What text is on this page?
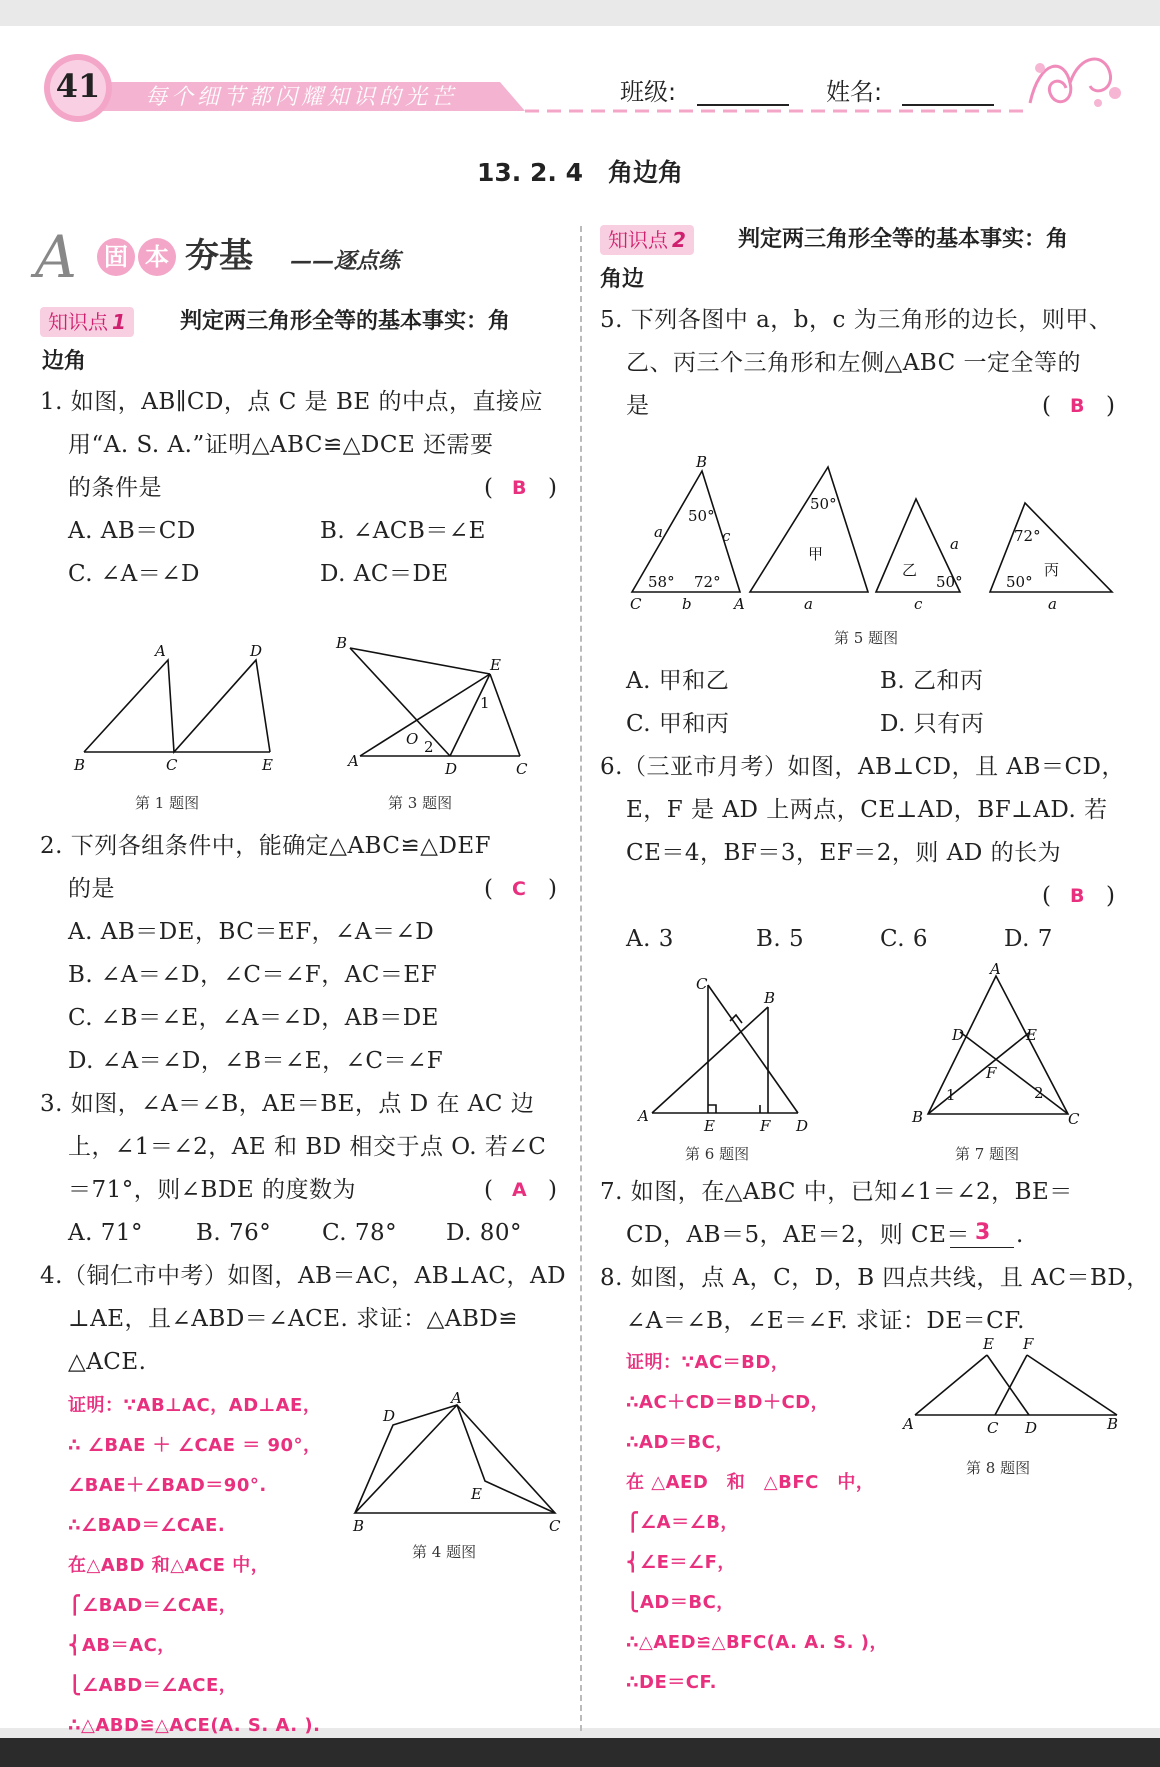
41	每个细节都闪耀知识的光芒	班级:	姓名:
13. 2. 4　角边角
A 固 本 夯基 ——逐点练
知识点 1	判定两三角形全等的基本事实：角
边角
1. 如图，AB∥CD，点 C 是 BE 的中点，直接应
用“A. S. A.”证明△ABC≌△DCE 还需要
的条件是	( B )
A. AB＝CD	B. ∠ACB＝∠E
C. ∠A＝∠D	D. AC＝DE
A	D
B	C	E
第 1 题图
B
E
1
O 2
A	D	C
第 3 题图
2. 下列各组条件中，能确定△ABC≌△DEF
的是	( C )
A. AB＝DE，BC＝EF，∠A＝∠D
B. ∠A＝∠D，∠C＝∠F，AC＝EF
C. ∠B＝∠E，∠A＝∠D，AB＝DE
D. ∠A＝∠D，∠B＝∠E，∠C＝∠F
3. 如图，∠A＝∠B，AE＝BE，点 D 在 AC 边
上，∠1＝∠2，AE 和 BD 相交于点 O. 若∠C
＝71°，则∠BDE 的度数为	( A )
A. 71° B. 76° C. 78° D. 80°
4.（铜仁市中考）如图，AB＝AC，AB⊥AC，AD
⊥AE，且∠ABD＝∠ACE. 求证：△ABD≌
△ACE.
证明：∵AB⊥AC，AD⊥AE，
∴ ∠BAE ＋ ∠CAE ＝ 90°，
∠BAE＋∠BAD＝90°.
∴∠BAD＝∠CAE.
在△ABD 和△ACE 中，
⎧∠BAD＝∠CAE，
⎨AB＝AC，
⎩∠ABD＝∠ACE，
∴△ABD≌△ACE(A. S. A. ).
A
D
E
B	C
第 4 题图
知识点 2	判定两三角形全等的基本事实：角
角边
5. 下列各图中 a，b，c 为三角形的边长，则甲、
乙、丙三个三角形和左侧△ABC 一定全等的
是	( B )
B
a
50°
c
58° 72°
C	b	A
50°
甲
a
乙
a
50°
c
72°
丙
50°
a
第 5 题图
A. 甲和乙	B. 乙和丙
C. 甲和丙	D. 只有丙
6.（三亚市月考）如图，AB⊥CD，且 AB＝CD，
E，F 是 AD 上两点，CE⊥AD，BF⊥AD. 若
CE＝4，BF＝3，EF＝2，则 AD 的长为
( B )
A. 3	B. 5	C. 6	D. 7
C
B
A
E	F D
第 6 题图
A
D	E
F
1	2
B	C
第 7 题图
7. 如图，在△ABC 中，已知∠1＝∠2，BE＝
CD，AB＝5，AE＝2，则 CE＝ 3 .
8. 如图，点 A，C，D，B 四点共线，且 AC＝BD，
∠A＝∠B，∠E＝∠F. 求证：DE＝CF.
证明：∵AC＝BD，
∴AC＋CD＝BD＋CD，
∴AD＝BC，
在 △AED　和　△BFC　中，
⎧∠A＝∠B，
⎨∠E＝∠F，
⎩AD＝BC，
∴△AED≌△BFC(A. A. S. )，
∴DE＝CF.
E F
A	C D	B
第 8 题图
